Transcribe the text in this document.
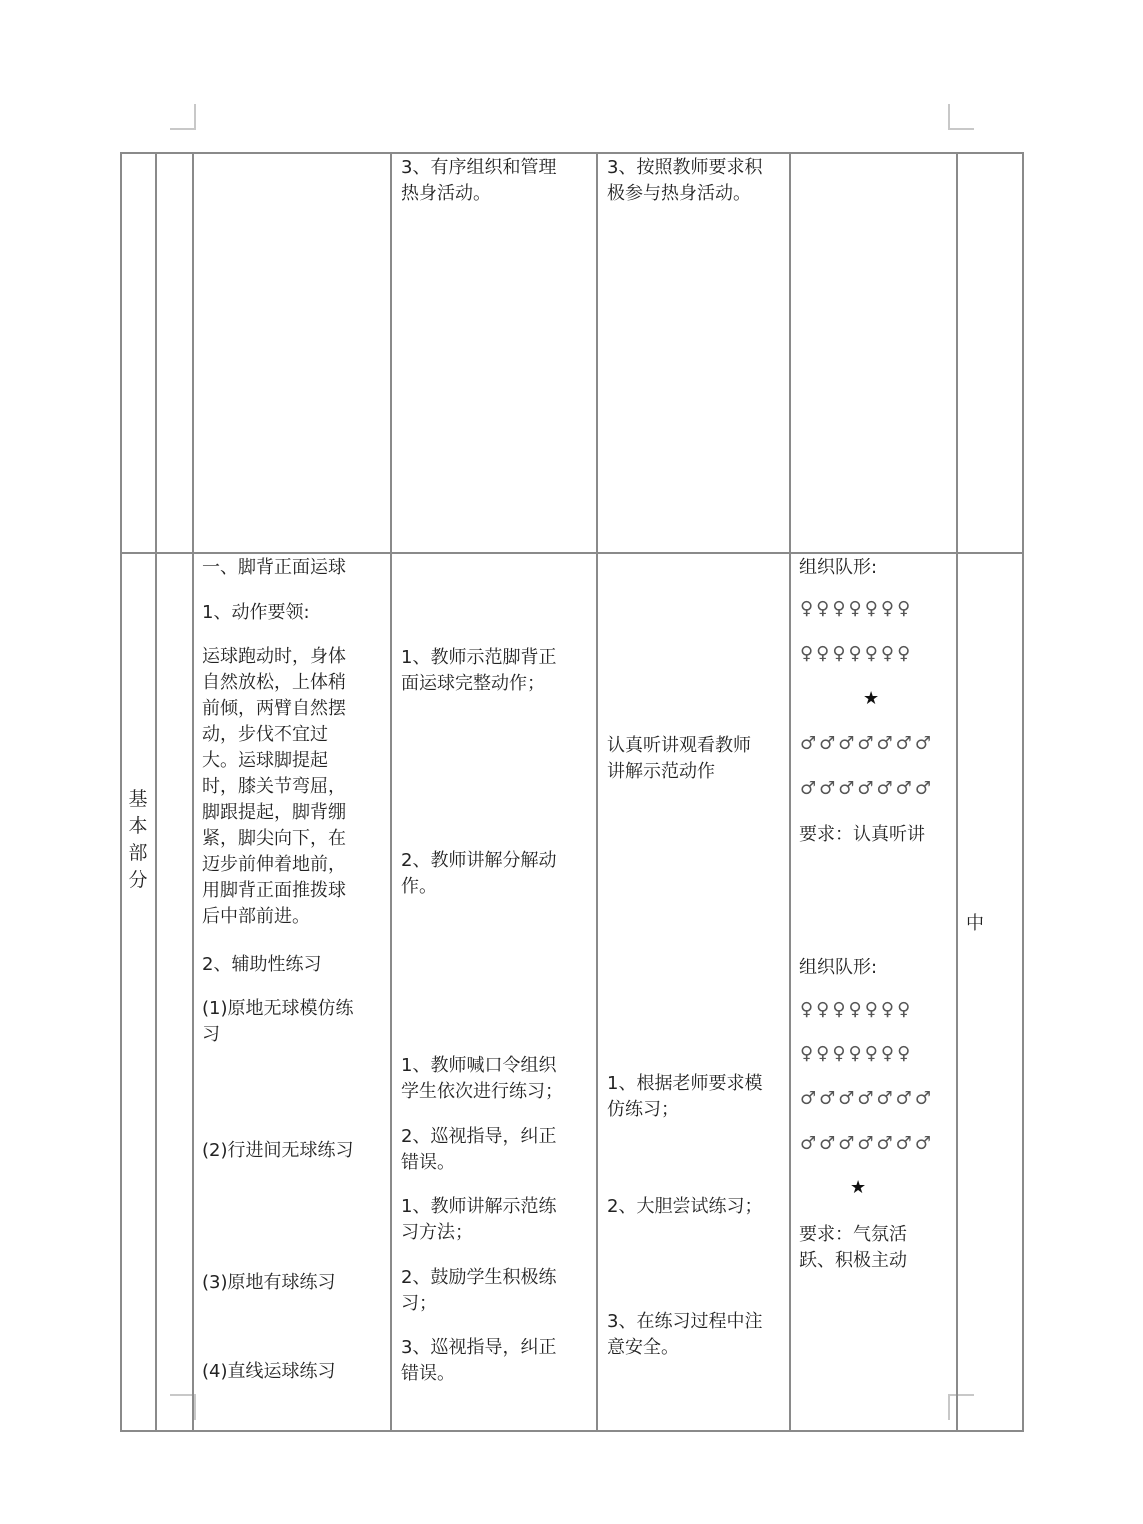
3、有序组织和管理
热身活动。
3、按照教师要求积
极参与热身活动。
基
本
部
分
一、脚背正面运球
1、动作要领:
运球跑动时，身体
自然放松，上体稍
前倾，两臂自然摆
动，步伐不宜过
大。运球脚提起
时，膝关节弯屈，
脚跟提起，脚背绷
紧，脚尖向下，在
迈步前伸着地前，
用脚背正面推拨球
后中部前进。
2、辅助性练习
(1)原地无球模仿练
习
(2)行进间无球练习
(3)原地有球练习
(4)直线运球练习
1、教师示范脚背正
面运球完整动作；
2、教师讲解分解动
作。
1、教师喊口令组织
学生依次进行练习；
2、巡视指导，纠正
错误。
1、教师讲解示范练
习方法；
2、鼓励学生积极练
习；
3、巡视指导，纠正
错误。
认真听讲观看教师
讲解示范动作
1、根据老师要求模
仿练习；
2、大胆尝试练习；
3、在练习过程中注
意安全。
组织队形:
♀♀♀♀♀♀♀
♀♀♀♀♀♀♀
★
♂♂♂♂♂♂♂
♂♂♂♂♂♂♂
要求：认真听讲
组织队形:
♀♀♀♀♀♀♀
♀♀♀♀♀♀♀
♂♂♂♂♂♂♂
♂♂♂♂♂♂♂
★
要求：气氛活
跃、积极主动
中
